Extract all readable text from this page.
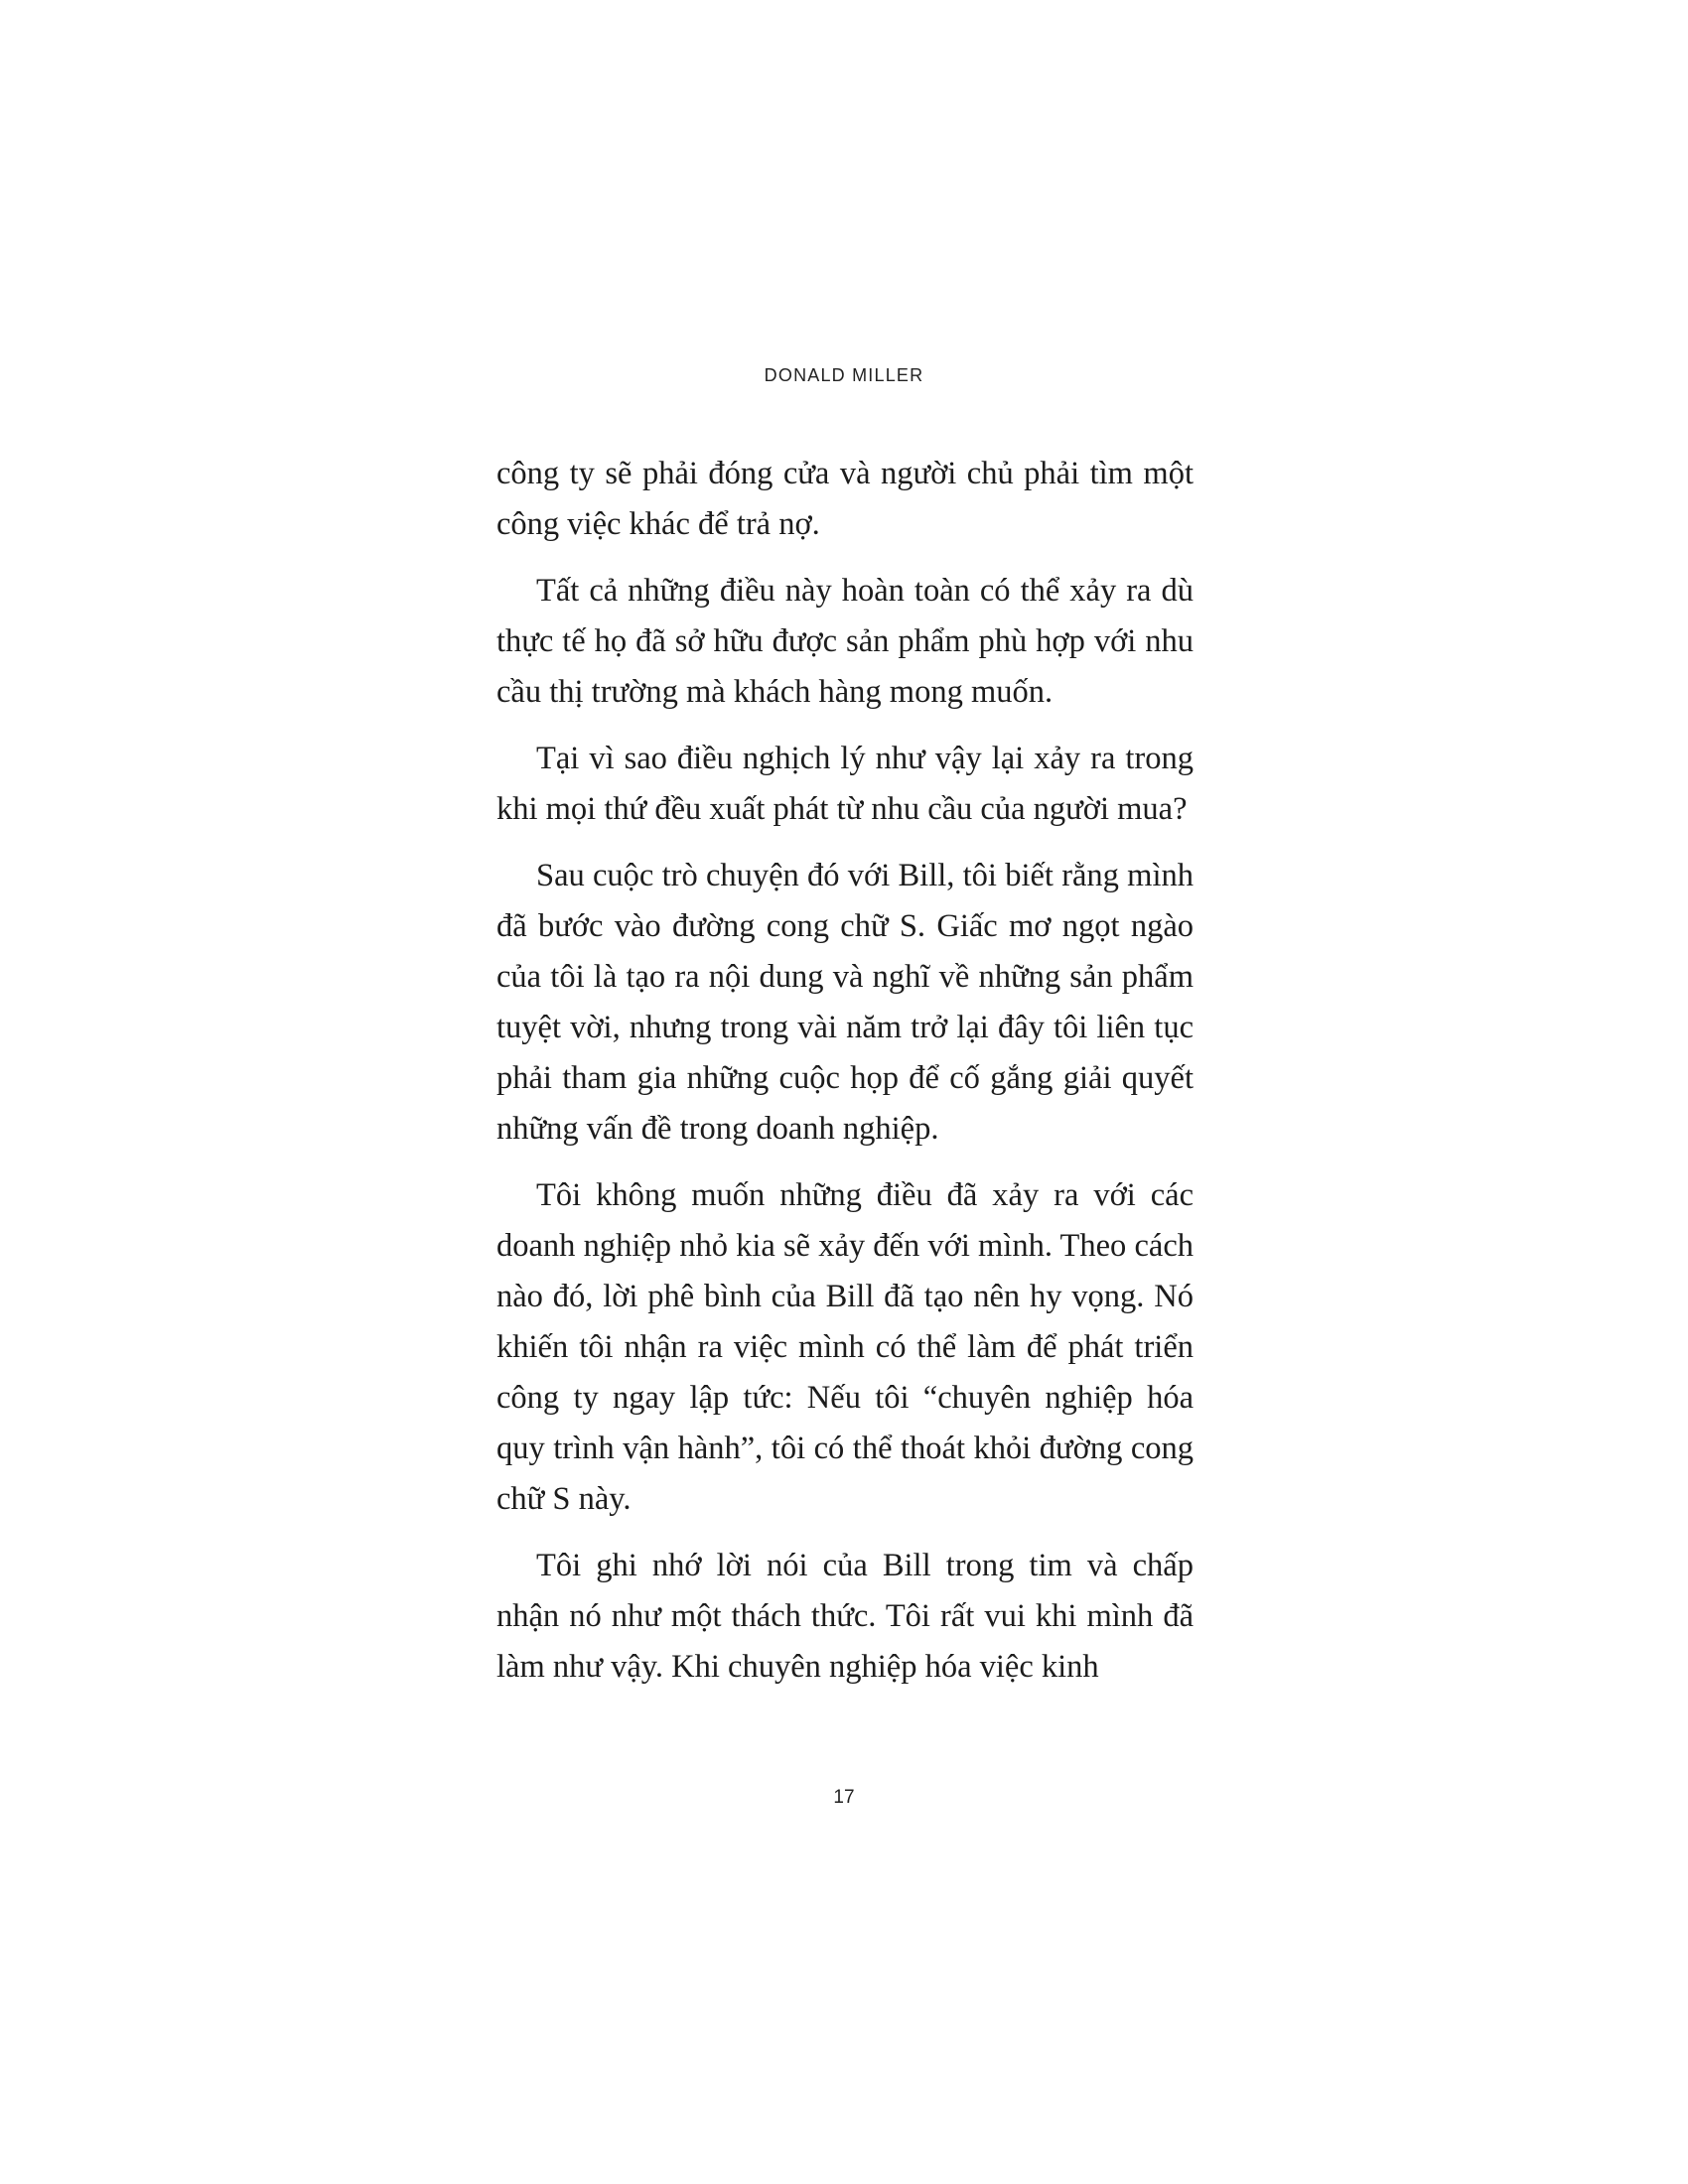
DONALD MILLER

công ty sẽ phải đóng cửa và người chủ phải tìm một công việc khác để trả nợ.

Tất cả những điều này hoàn toàn có thể xảy ra dù thực tế họ đã sở hữu được sản phẩm phù hợp với nhu cầu thị trường mà khách hàng mong muốn.

Tại vì sao điều nghịch lý như vậy lại xảy ra trong khi mọi thứ đều xuất phát từ nhu cầu của người mua?

Sau cuộc trò chuyện đó với Bill, tôi biết rằng mình đã bước vào đường cong chữ S. Giấc mơ ngọt ngào của tôi là tạo ra nội dung và nghĩ về những sản phẩm tuyệt vời, nhưng trong vài năm trở lại đây tôi liên tục phải tham gia những cuộc họp để cố gắng giải quyết những vấn đề trong doanh nghiệp.

Tôi không muốn những điều đã xảy ra với các doanh nghiệp nhỏ kia sẽ xảy đến với mình. Theo cách nào đó, lời phê bình của Bill đã tạo nên hy vọng. Nó khiến tôi nhận ra việc mình có thể làm để phát triển công ty ngay lập tức: Nếu tôi “chuyên nghiệp hóa quy trình vận hành”, tôi có thể thoát khỏi đường cong chữ S này.

Tôi ghi nhớ lời nói của Bill trong tim và chấp nhận nó như một thách thức. Tôi rất vui khi mình đã làm như vậy. Khi chuyên nghiệp hóa việc kinh

17
